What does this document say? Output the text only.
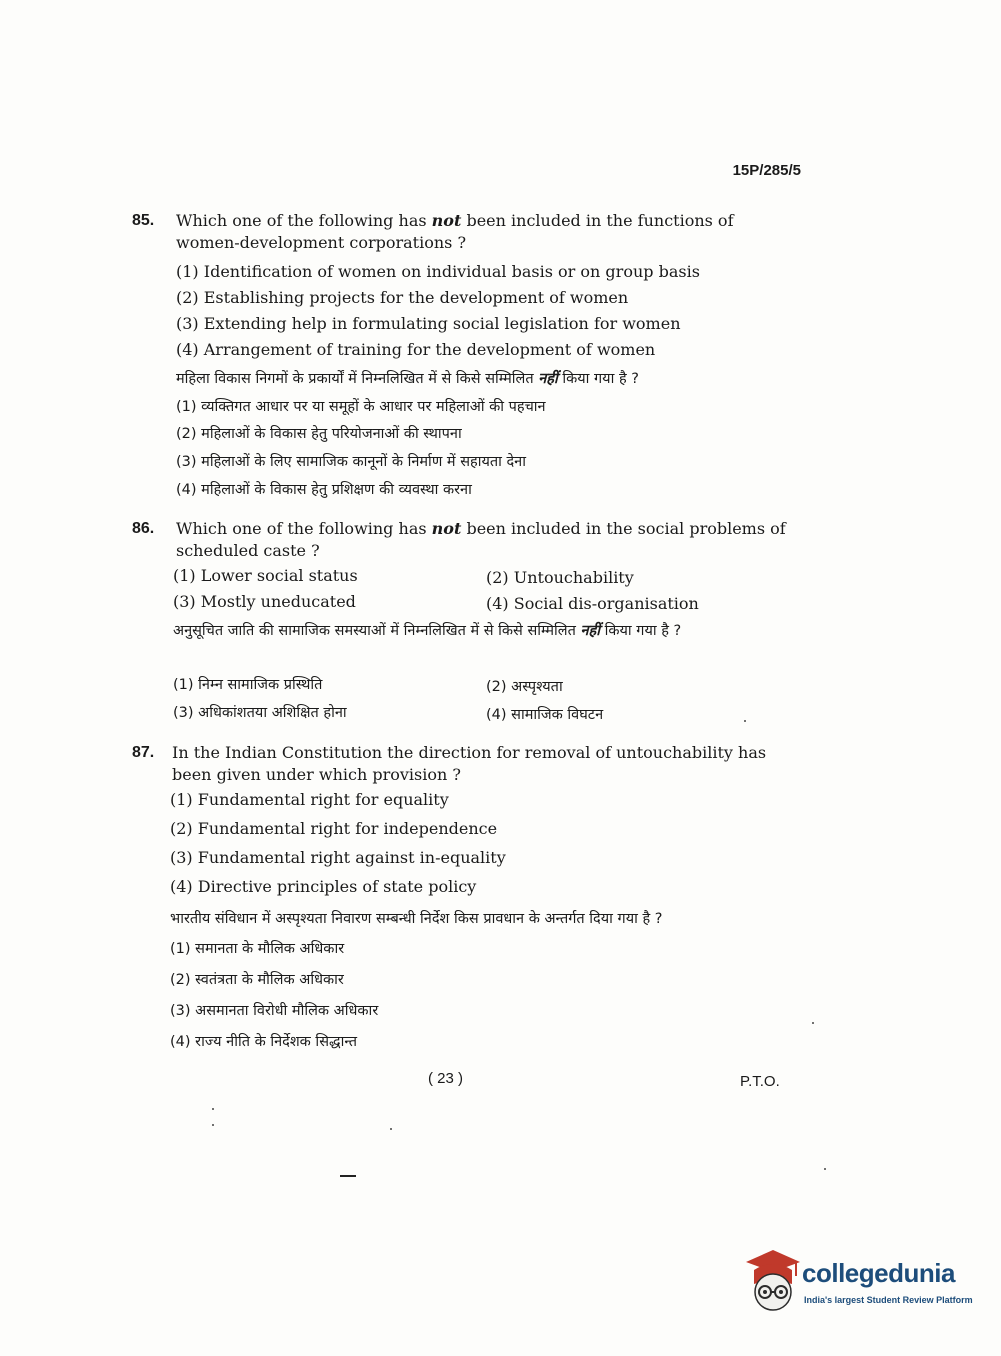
15P/285/5
85. Which one of the following has not been included in the functions of women-development corporations ?
(1) Identification of women on individual basis or on group basis
(2) Establishing projects for the development of women
(3) Extending help in formulating social legislation for women
(4) Arrangement of training for the development of women
महिला विकास निगमों के प्रकार्यों में निम्नलिखित में से किसे सम्मिलित नहीं किया गया है ?
(1) व्यक्तिगत आधार पर या समूहों के आधार पर महिलाओं की पहचान
(2) महिलाओं के विकास हेतु परियोजनाओं की स्थापना
(3) महिलाओं के लिए सामाजिक कानूनों के निर्माण में सहायता देना
(4) महिलाओं के विकास हेतु प्रशिक्षण की व्यवस्था करना
86. Which one of the following has not been included in the social problems of scheduled caste ?
(1) Lower social status	(2) Untouchability
(3) Mostly uneducated	(4) Social dis-organisation
अनुसूचित जाति की सामाजिक समस्याओं में निम्नलिखित में से किसे सम्मिलित नहीं किया गया है ?
(1) निम्न सामाजिक प्रस्थिति	(2) अस्पृश्यता
(3) अधिकांशतया अशिक्षित होना	(4) सामाजिक विघटन
87. In the Indian Constitution the direction for removal of untouchability has been given under which provision ?
(1) Fundamental right for equality
(2) Fundamental right for independence
(3) Fundamental right against in-equality
(4) Directive principles of state policy
भारतीय संविधान में अस्पृश्यता निवारण सम्बन्धी निर्देश किस प्रावधान के अन्तर्गत दिया गया है ?
(1) समानता के मौलिक अधिकार
(2) स्वतंत्रता के मौलिक अधिकार
(3) असमानता विरोधी मौलिक अधिकार
(4) राज्य नीति के निर्देशक सिद्धान्त
( 23 )	P.T.O.
collegedunia
India's largest Student Review Platform
